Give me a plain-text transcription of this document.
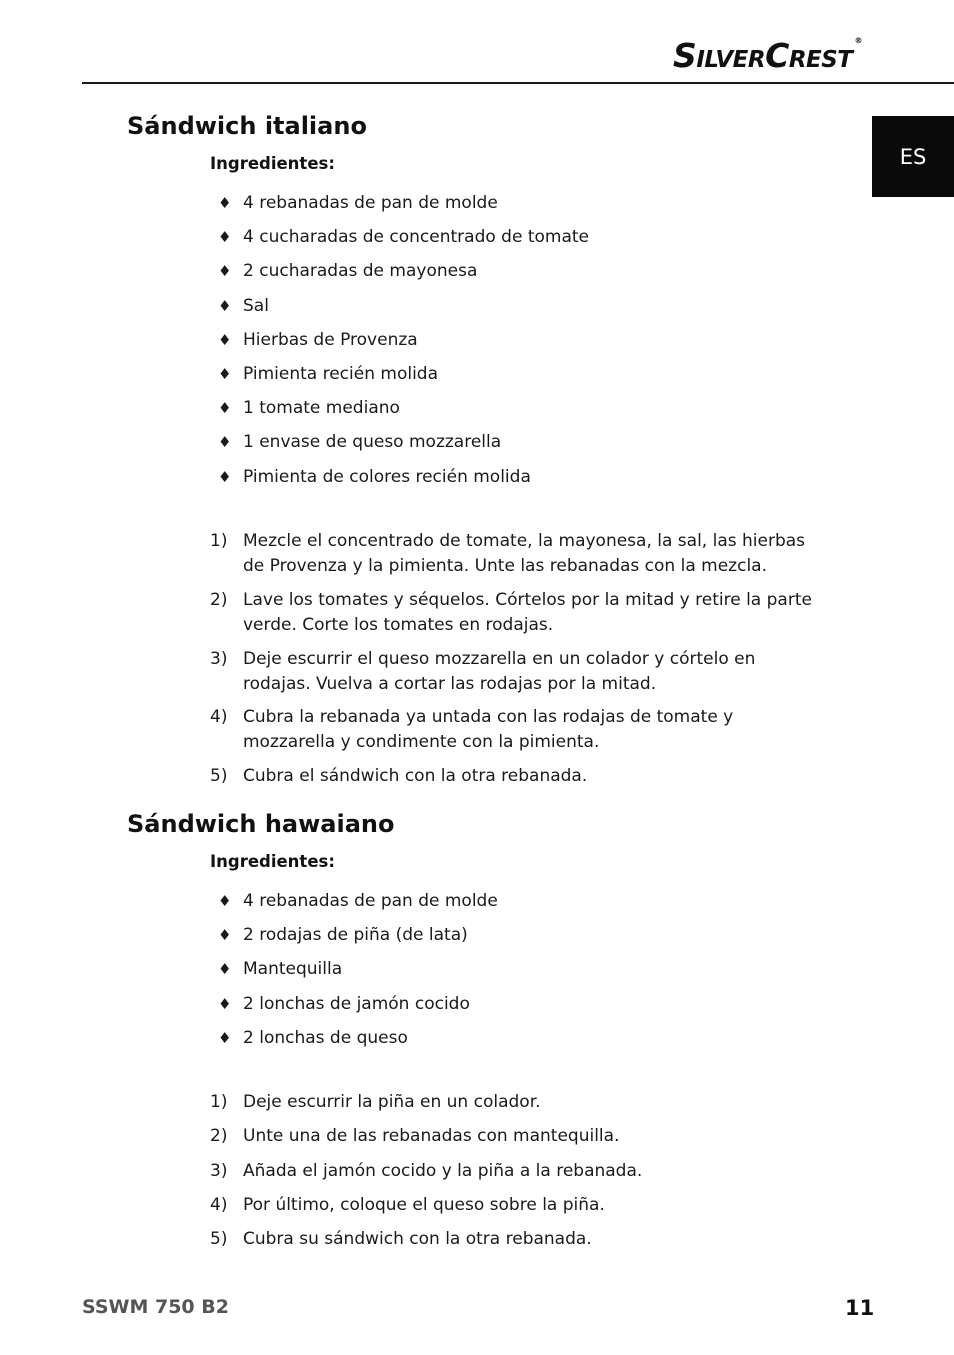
SILVERCREST®
ES
Sándwich italiano
Ingredientes:
♦ 4 rebanadas de pan de molde
♦ 4 cucharadas de concentrado de tomate
♦ 2 cucharadas de mayonesa
♦ Sal
♦ Hierbas de Provenza
♦ Pimienta recién molida
♦ 1 tomate mediano
♦ 1 envase de queso mozzarella
♦ Pimienta de colores recién molida
1) Mezcle el concentrado de tomate, la mayonesa, la sal, las hierbas de Provenza y la pimienta. Unte las rebanadas con la mezcla.
2) Lave los tomates y séquelos. Córtelos por la mitad y retire la parte verde. Corte los tomates en rodajas.
3) Deje escurrir el queso mozzarella en un colador y córtelo en rodajas. Vuelva a cortar las rodajas por la mitad.
4) Cubra la rebanada ya untada con las rodajas de tomate y mozzarella y condimente con la pimienta.
5) Cubra el sándwich con la otra rebanada.
Sándwich hawaiano
Ingredientes:
♦ 4 rebanadas de pan de molde
♦ 2 rodajas de piña (de lata)
♦ Mantequilla
♦ 2 lonchas de jamón cocido
♦ 2 lonchas de queso
1) Deje escurrir la piña en un colador.
2) Unte una de las rebanadas con mantequilla.
3) Añada el jamón cocido y la piña a la rebanada.
4) Por último, coloque el queso sobre la piña.
5) Cubra su sándwich con la otra rebanada.
SSWM 750 B2	11
